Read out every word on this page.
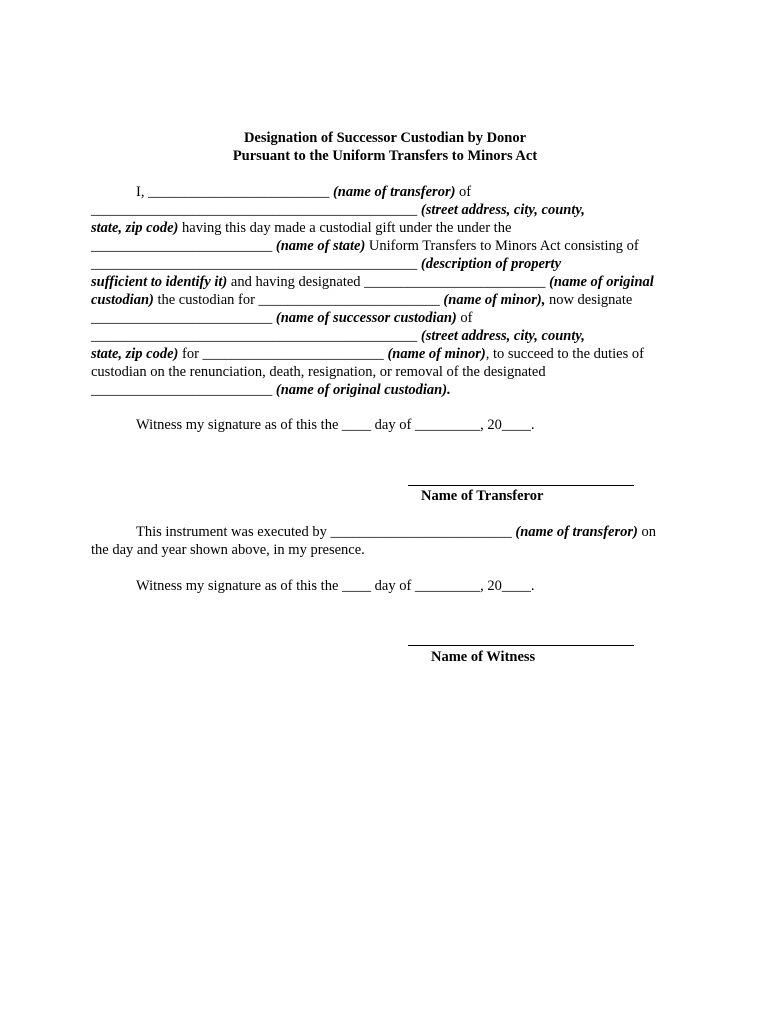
Designation of Successor Custodian by Donor
Pursuant to the Uniform Transfers to Minors Act
I, _________________________ (name of transferor) of
_____________________________________________ (street address, city, county,
state, zip code) having this day made a custodial gift under the under the
_________________________ (name of state) Uniform Transfers to Minors Act consisting of
_____________________________________________ (description of property
sufficient to identify it) and having designated _________________________ (name of original
custodian) the custodian for _________________________ (name of minor), now designate
_________________________ (name of successor custodian) of
_____________________________________________ (street address, city, county,
state, zip code) for _________________________ (name of minor), to succeed to the duties of
custodian on the renunciation, death, resignation, or removal of the designated
_________________________ (name of original custodian).
Witness my signature as of this the ____ day of _________, 20____.
Name of Transferor
This instrument was executed by _________________________ (name of transferor) on
the day and year shown above, in my presence.
Witness my signature as of this the ____ day of _________, 20____.
Name of Witness
